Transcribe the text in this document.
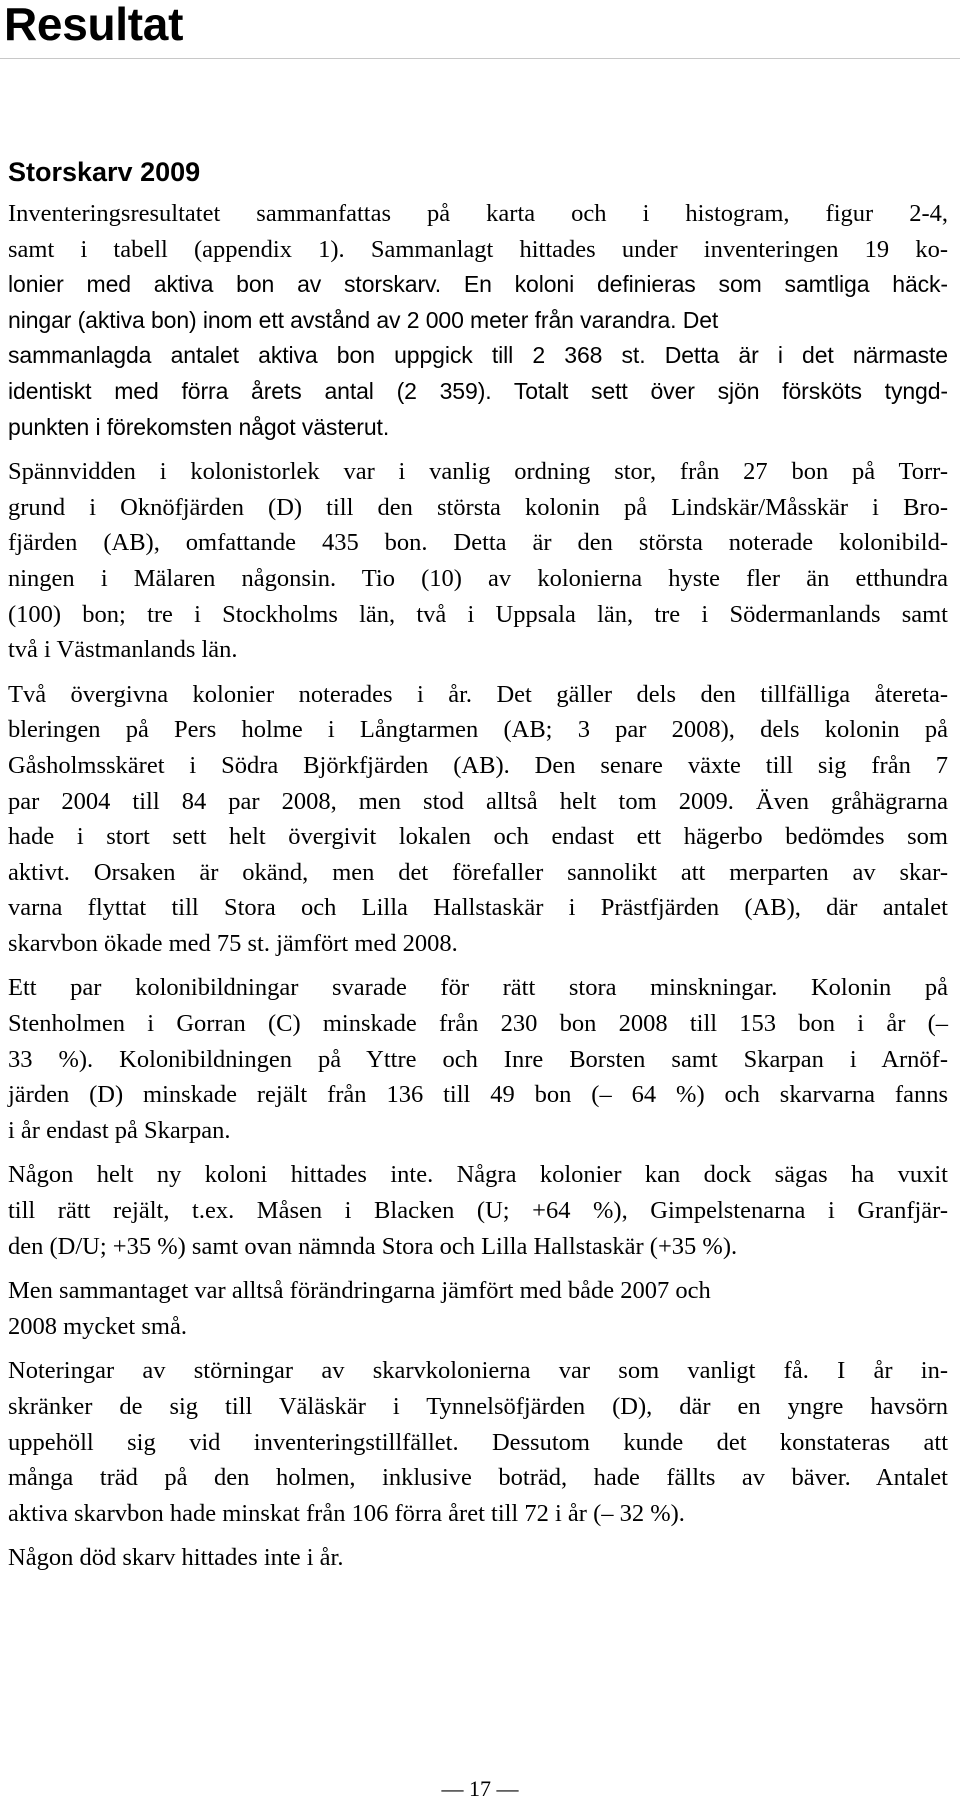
Resultat
Storskarv 2009
Inventeringsresultatet sammanfattas på karta och i histogram, figur 2-4,
samt i tabell (appendix 1). Sammanlagt hittades under inventeringen 19 ko-
lonier med aktiva bon av storskarv. En koloni definieras som samtliga häck-
ningar (aktiva bon) inom ett avstånd av 2 000 meter från varandra. Det
sammanlagda antalet aktiva bon uppgick till 2 368 st. Detta är i det närmaste
identiskt med förra årets antal (2 359). Totalt sett över sjön försköts tyngd-
punkten i förekomsten något västerut.
Spännvidden i kolonistorlek var i vanlig ordning stor, från 27 bon på Torr-
grund i Oknöfjärden (D) till den största kolonin på Lindskär/Måsskär i Bro-
fjärden (AB), omfattande 435 bon. Detta är den största noterade kolonibild-
ningen i Mälaren någonsin. Tio (10) av kolonierna hyste fler än etthundra
(100) bon; tre i Stockholms län, två i Uppsala län, tre i Södermanlands samt
två i Västmanlands län.
Två övergivna kolonier noterades i år. Det gäller dels den tillfälliga återeta-
bleringen på Pers holme i Långtarmen (AB; 3 par 2008), dels kolonin på
Gåsholmsskäret i Södra Björkfjärden (AB). Den senare växte till sig från 7
par 2004 till 84 par 2008, men stod alltså helt tom 2009. Även gråhägrarna
hade i stort sett helt övergivit lokalen och endast ett hägerbo bedömdes som
aktivt. Orsaken är okänd, men det förefaller sannolikt att merparten av skar-
varna flyttat till Stora och Lilla Hallstaskär i Prästfjärden (AB), där antalet
skarvbon ökade med 75 st. jämfört med 2008.
Ett par kolonibildningar svarade för rätt stora minskningar. Kolonin på
Stenholmen i Gorran (C) minskade från 230 bon 2008 till 153 bon i år (–
33 %). Kolonibildningen på Yttre och Inre Borsten samt Skarpan i Arnöf-
järden (D) minskade rejält från 136 till 49 bon (– 64 %) och skarvarna fanns
i år endast på Skarpan.
Någon helt ny koloni hittades inte. Några kolonier kan dock sägas ha vuxit
till rätt rejält, t.ex. Måsen i Blacken (U; +64 %), Gimpelstenarna i Granfjär-
den (D/U; +35 %) samt ovan nämnda Stora och Lilla Hallstaskär (+35 %).
Men sammantaget var alltså förändringarna jämfört med både 2007 och
2008 mycket små.
Noteringar av störningar av skarvkolonierna var som vanligt få. I år in-
skränker de sig till Väläskär i Tynnelsöfjärden (D), där en yngre havsörn
uppehöll sig vid inventeringstillfället. Dessutom kunde det konstateras att
många träd på den holmen, inklusive boträd, hade fällts av bäver. Antalet
aktiva skarvbon hade minskat från 106 förra året till 72 i år (– 32 %).
Någon död skarv hittades inte i år.
— 17 —
